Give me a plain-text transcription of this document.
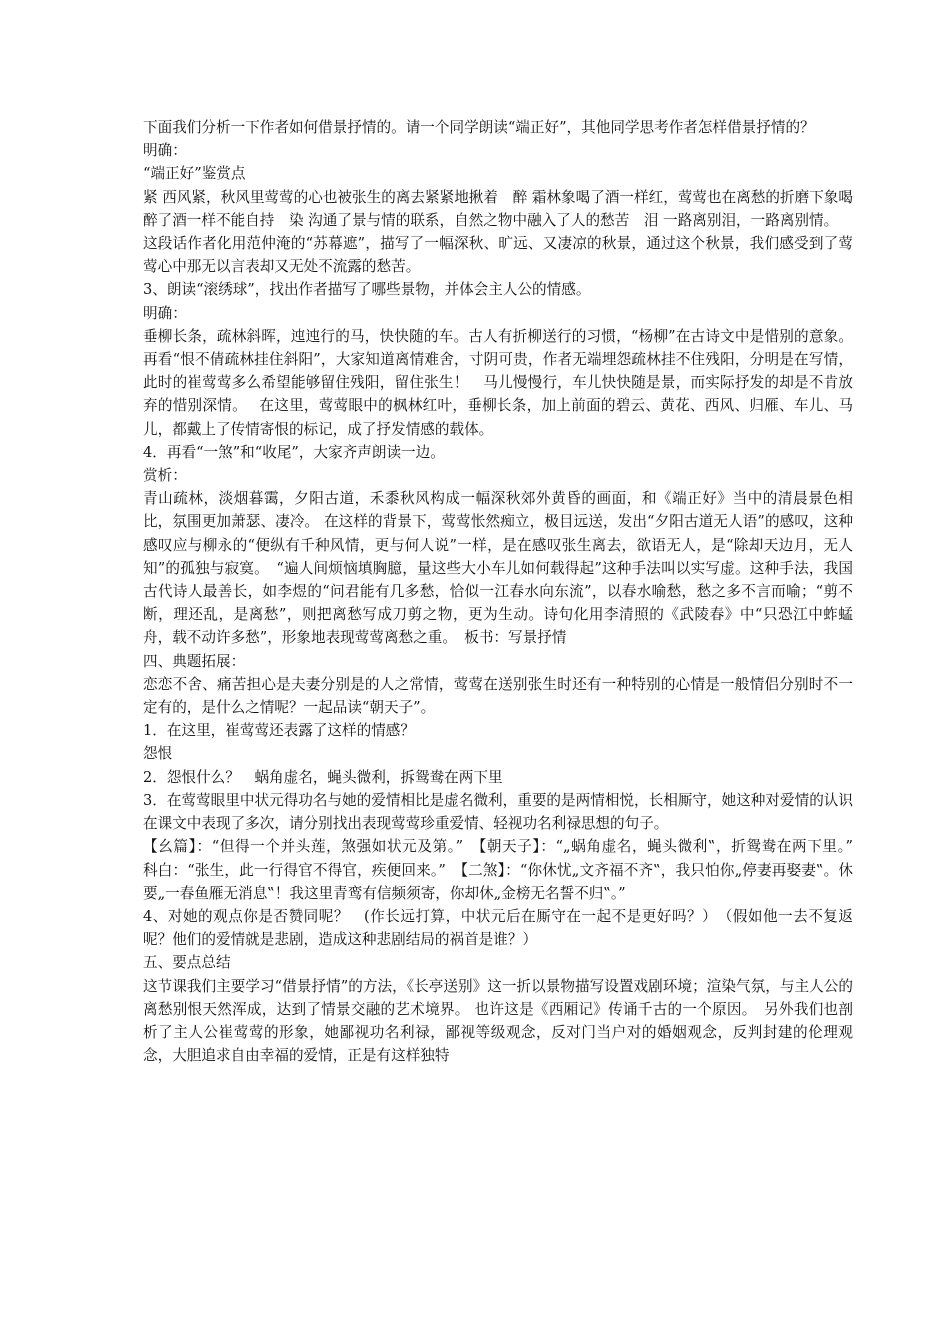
下面我们分析一下作者如何借景抒情的。请一个同学朗读“端正好”，其他同学思考作者怎样借景抒情的？

明确：

“端正好”鉴赏点

紧 西风紧，秋风里莺莺的心也被张生的离去紧紧地揪着　醉 霜林象喝了酒一样红，莺莺也在离愁的折磨下象喝醉了酒一样不能自持　染 沟通了景与情的联系，自然之物中融入了人的愁苦　泪 一路离别泪，一路离别情。

这段话作者化用范仲淹的“苏幕遮”，描写了一幅深秋、旷远、又凄凉的秋景，通过这个秋景，我们感受到了莺莺心中那无以言表却又无处不流露的愁苦。

3、朗读“滚绣球”，找出作者描写了哪些景物，并体会主人公的情感。

明确：

垂柳长条，疏林斜晖，迍迍行的马，快快随的车。古人有折柳送行的习惯，“杨柳”在古诗文中是惜别的意象。再看“恨不倩疏林挂住斜阳”，大家知道离情难舍，寸阴可贵，作者无端埋怨疏林挂不住残阳，分明是在写情，此时的崔莺莺多么希望能够留住残阳，留住张生！　马儿慢慢行，车儿快快随是景，而实际抒发的却是不肯放弃的惜别深情。　 在这里，莺莺眼中的枫林红叶，垂柳长条，加上前面的碧云、黄花、西风、归雁、车儿、马儿，都戴上了传情寄恨的标记，成了抒发情感的载体。

4．再看“一煞”和“收尾”，大家齐声朗读一边。

赏析：

青山疏林，淡烟暮霭，夕阳古道，禾黍秋风构成一幅深秋郊外黄昏的画面，和《端正好》当中的清晨景色相比，氛围更加萧瑟、凄冷。 在这样的背景下，莺莺怅然痴立，极目远送，发出“夕阳古道无人语”的感叹，这种感叹应与柳永的“便纵有千种风情，更与何人说”一样，是在感叹张生离去，欲语无人，是“除却天边月，无人知”的孤独与寂寞。　“遍人间烦恼填胸臆，量这些大小车儿如何载得起”这种手法叫以实写虚。这种手法，我国古代诗人最善长，如李煜的“问君能有几多愁，恰似一江春水向东流”，以春水喻愁，愁之多不言而喻；“剪不断，理还乱，是离愁”，则把离愁写成刀剪之物，更为生动。诗句化用李清照的《武陵春》中“只恐江中蚱蜢舟，载不动许多愁”，形象地表现莺莺离愁之重。　板书：写景抒情

四、典题拓展：

恋恋不舍、痛苦担心是夫妻分别是的人之常情，莺莺在送别张生时还有一种特别的心情是一般情侣分别时不一定有的，是什么之情呢？一起品读“朝天子”。

1．在这里，崔莺莺还表露了这样的情感？

怨恨

2．怨恨什么？　蜗角虚名，蝇头微利，拆鸳鸯在两下里

3．在莺莺眼里中状元得功名与她的爱情相比是虚名微利，重要的是两情相悦，长相厮守，她这种对爱情的认识在课文中表现了多次，请分别找出表现莺莺珍重爱情、轻视功名利禄思想的句子。

【幺篇】：“但得一个并头莲，煞强如状元及第。”　【朝天子】：“„蜗角虚名，蝇头微利‟，折鸳鸯在两下里。”　 科白：“张生，此一行得官不得官，疾便回来。”　【二煞】：“你休忧„文齐福不齐‟，我只怕你„停妻再娶妻‟。休要„一春鱼雁无消息‟！我这里青鸾有信频须寄，你却休„金榜无名誓不归‟。”

4、对她的观点你是否赞同呢？　(作长远打算，中状元后在厮守在一起不是更好吗？）　（假如他一去不复返呢？他们的爱情就是悲剧，造成这种悲剧结局的祸首是谁？）

五、要点总结

这节课我们主要学习“借景抒情”的方法，《长亭送别》这一折以景物描写设置戏剧环境；渲染气氛，与主人公的离愁别恨天然浑成，达到了情景交融的艺术境界。 也许这是《西厢记》传诵千古的一个原因。　另外我们也剖析了主人公崔莺莺的形象，她鄙视功名利禄，鄙视等级观念，反对门当户对的婚姻观念，反判封建的伦理观念，大胆追求自由幸福的爱情，正是有这样独特
